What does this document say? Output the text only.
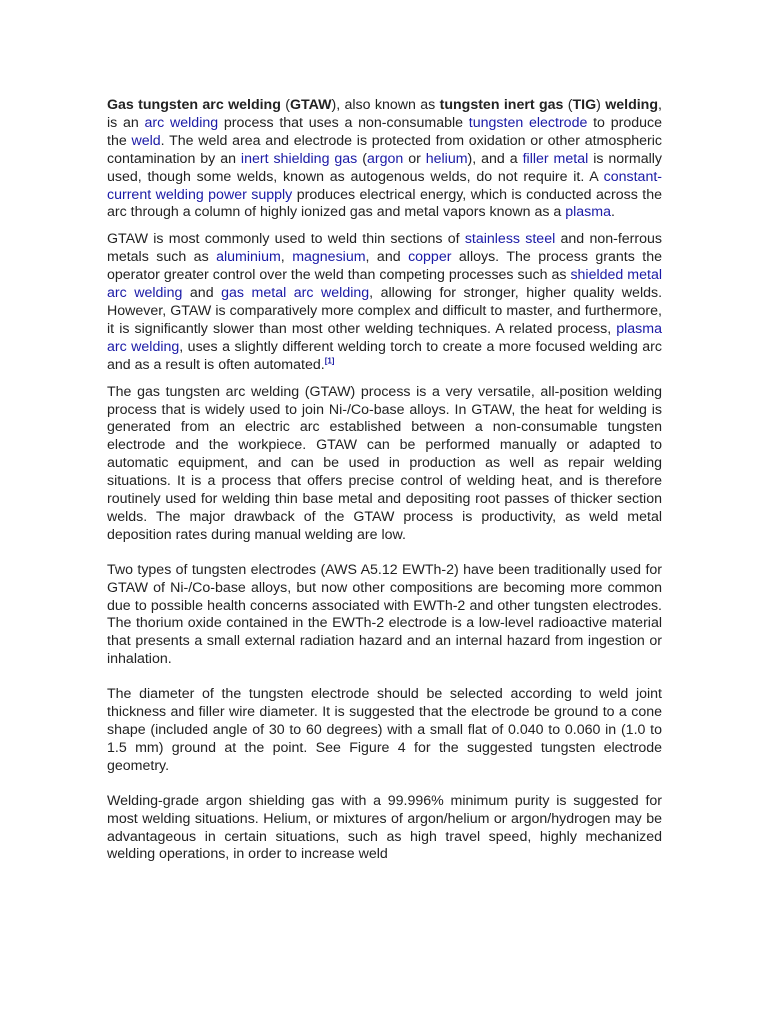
Gas tungsten arc welding (GTAW), also known as tungsten inert gas (TIG) welding, is an arc welding process that uses a non-consumable tungsten electrode to produce the weld. The weld area and electrode is protected from oxidation or other atmospheric contamination by an inert shielding gas (argon or helium), and a filler metal is normally used, though some welds, known as autogenous welds, do not require it. A constant-current welding power supply produces electrical energy, which is conducted across the arc through a column of highly ionized gas and metal vapors known as a plasma.

GTAW is most commonly used to weld thin sections of stainless steel and non-ferrous metals such as aluminium, magnesium, and copper alloys. The process grants the operator greater control over the weld than competing processes such as shielded metal arc welding and gas metal arc welding, allowing for stronger, higher quality welds. However, GTAW is comparatively more complex and difficult to master, and furthermore, it is significantly slower than most other welding techniques. A related process, plasma arc welding, uses a slightly different welding torch to create a more focused welding arc and as a result is often automated.[1]

The gas tungsten arc welding (GTAW) process is a very versatile, all-position welding process that is widely used to join Ni-/Co-base alloys. In GTAW, the heat for welding is generated from an electric arc established between a non-consumable tungsten electrode and the workpiece. GTAW can be performed manually or adapted to automatic equipment, and can be used in production as well as repair welding situations. It is a process that offers precise control of welding heat, and is therefore routinely used for welding thin base metal and depositing root passes of thicker section welds. The major drawback of the GTAW process is productivity, as weld metal deposition rates during manual welding are low.

Two types of tungsten electrodes (AWS A5.12 EWTh-2) have been traditionally used for GTAW of Ni-/Co-base alloys, but now other compositions are becoming more common due to possible health concerns associated with EWTh-2 and other tungsten electrodes. The thorium oxide contained in the EWTh-2 electrode is a low-level radioactive material that presents a small external radiation hazard and an internal hazard from ingestion or inhalation.

The diameter of the tungsten electrode should be selected according to weld joint thickness and filler wire diameter. It is suggested that the electrode be ground to a cone shape (included angle of 30 to 60 degrees) with a small flat of 0.040 to 0.060 in (1.0 to 1.5 mm) ground at the point. See Figure 4 for the suggested tungsten electrode geometry.

Welding-grade argon shielding gas with a 99.996% minimum purity is suggested for most welding situations. Helium, or mixtures of argon/helium or argon/hydrogen may be advantageous in certain situations, such as high travel speed, highly mechanized welding operations, in order to increase weld
